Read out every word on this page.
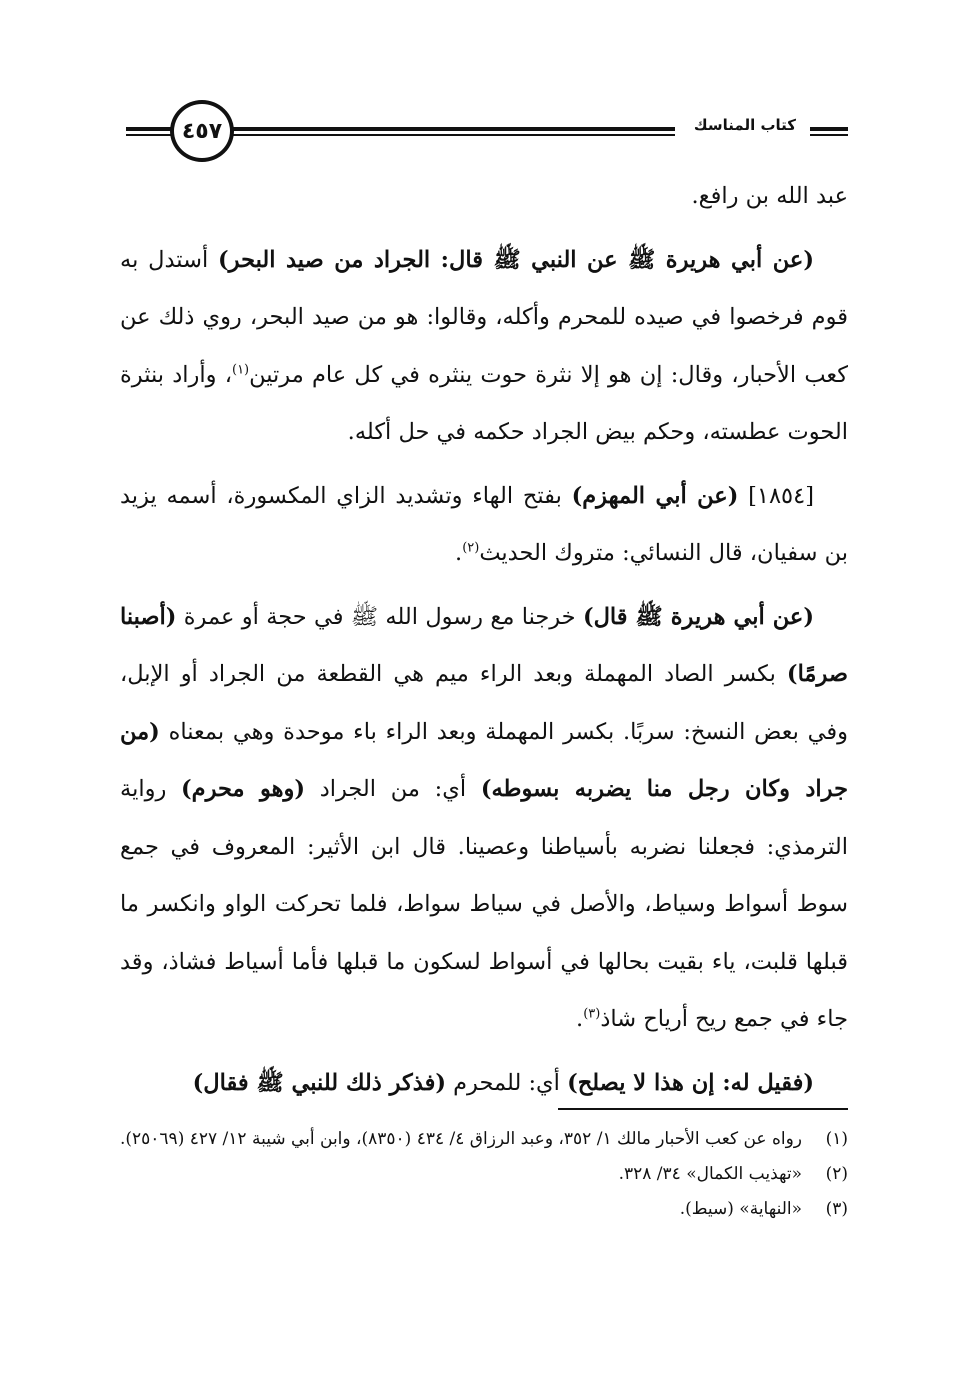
٤٥٧	كتاب المناسك

عبد الله بن رافع.

(عن أبي هريرة ﷺ عن النبي ﷺ قال: الجراد من صيد البحر) أستدل به قوم فرخصوا في صيده للمحرم وأكله، وقالوا: هو من صيد البحر، روي ذلك عن كعب الأحبار، وقال: إن هو إلا نثرة حوت ينثره في كل عام مرتين$^{(١)}$، وأراد بنثرة الحوت عطسته، وحكم بيض الجراد حكمه في حل أكله.

[١٨٥٤] (عن أبي المهزم) بفتح الهاء وتشديد الزاي المكسورة، أسمه يزيد بن سفيان، قال النسائي: متروك الحديث$^{(٢)}$.

(عن أبي هريرة ﷺ قال) خرجنا مع رسول الله ﷺ في حجة أو عمرة (أصبنا صرمًا) بكسر الصاد المهملة وبعد الراء ميم هي القطعة من الجراد أو الإبل، وفي بعض النسخ: سربًا. بكسر المهملة وبعد الراء باء موحدة وهي بمعناه (من جراد وكان رجل منا يضربه بسوطه) أي: من الجراد (وهو محرم) رواية الترمذي: فجعلنا نضربه بأسياطنا وعصينا. قال ابن الأثير: المعروف في جمع سوط أسواط وسياط، والأصل في سياط سواط، فلما تحركت الواو وانكسر ما قبلها قلبت، ياء بقيت بحالها في أسواط لسكون ما قبلها فأما أسياط فشاذ، وقد جاء في جمع ريح أرياح شاذ$^{(٣)}$.

(فقيل له: إن هذا لا يصلح) أي: للمحرم (فذكر ذلك للنبي ﷺ فقال)

(١)
رواه عن كعب الأحبار مالك ١/ ٣٥٢، وعبد الرزاق ٤/ ٤٣٤ (٨٣٥٠)، وابن أبي شيبة ١٢/ ٤٢٧ (٢٥٠٦٩).
(٢)
«تهذيب الكمال» ٣٤/ ٣٢٨.
(٣)
«النهاية» (سيط).
